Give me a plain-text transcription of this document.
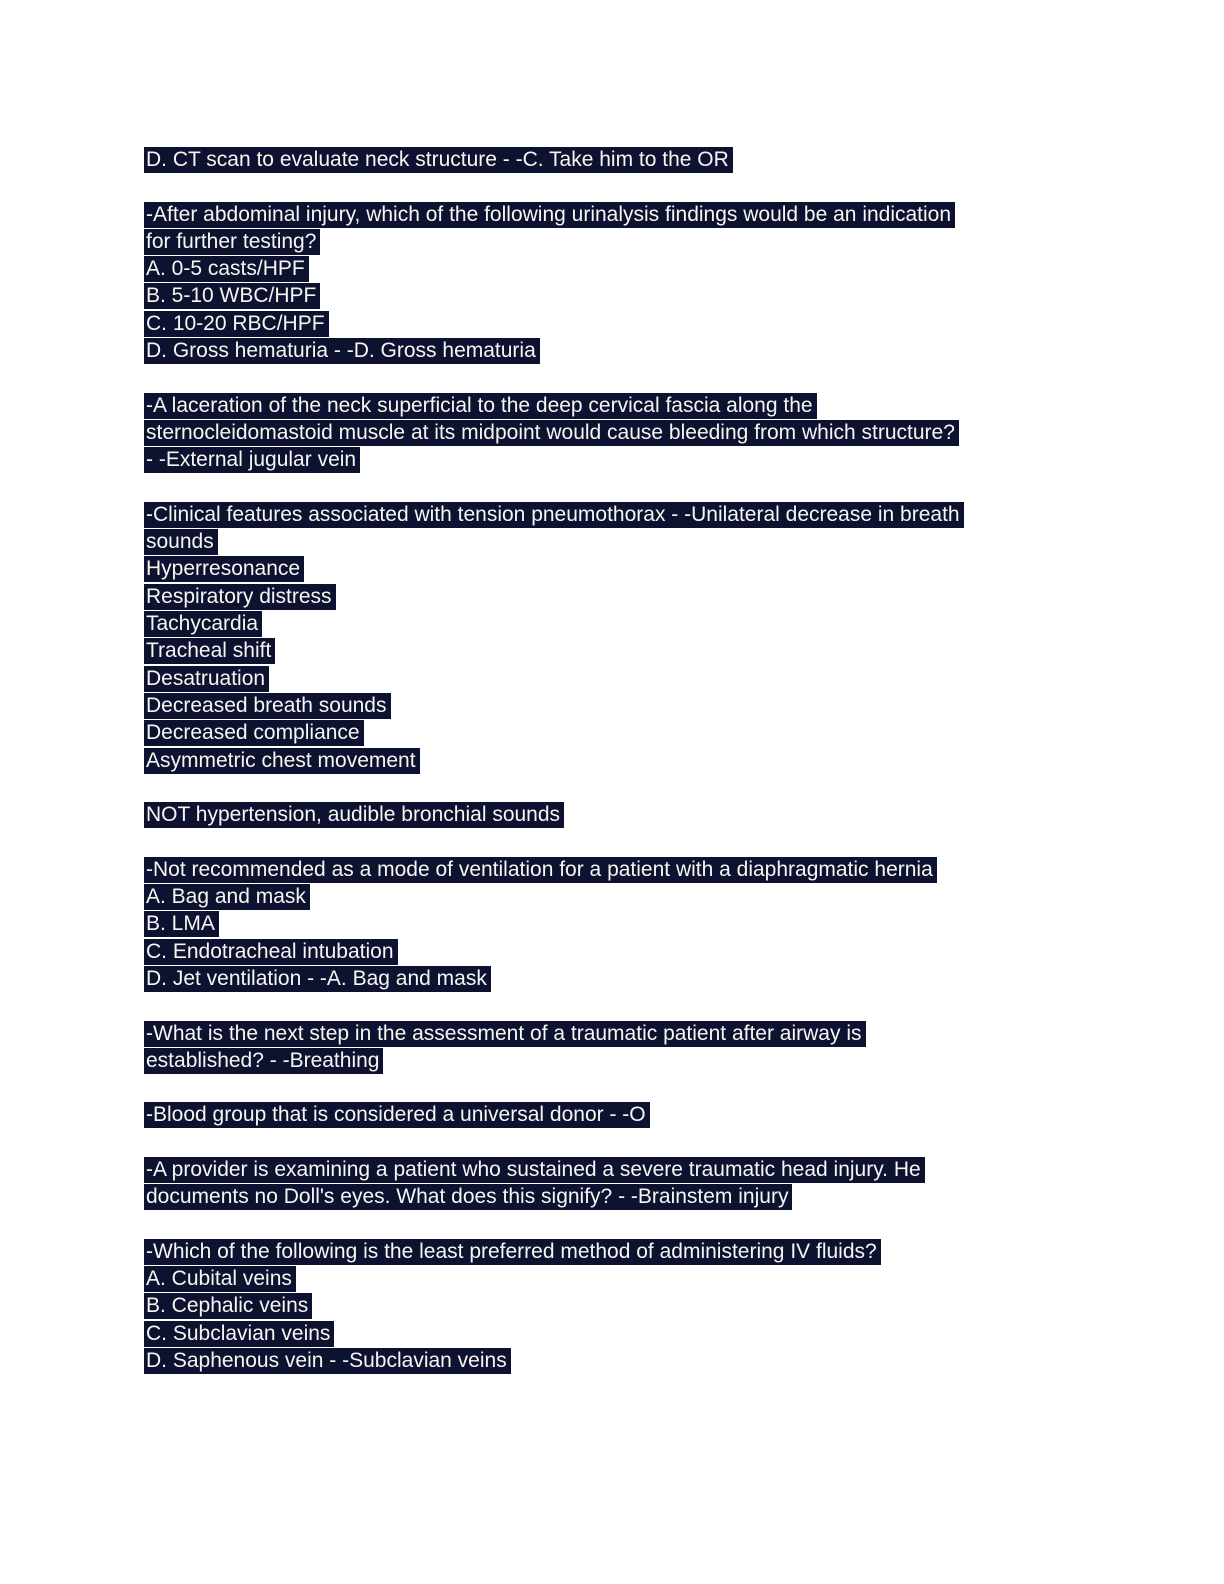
D. CT scan to evaluate neck structure - -C. Take him to the OR
-After abdominal injury, which of the following urinalysis findings would be an indication
for further testing?
A. 0-5 casts/HPF
B. 5-10 WBC/HPF
C. 10-20 RBC/HPF
D. Gross hematuria - -D. Gross hematuria
-A laceration of the neck superficial to the deep cervical fascia along the
sternocleidomastoid muscle at its midpoint would cause bleeding from which structure?
- -External jugular vein
-Clinical features associated with tension pneumothorax - -Unilateral decrease in breath
sounds
Hyperresonance
Respiratory distress
Tachycardia
Tracheal shift
Desatruation
Decreased breath sounds
Decreased compliance
Asymmetric chest movement
NOT hypertension, audible bronchial sounds
-Not recommended as a mode of ventilation for a patient with a diaphragmatic hernia
A. Bag and mask
B. LMA
C. Endotracheal intubation
D. Jet ventilation - -A. Bag and mask
-What is the next step in the assessment of a traumatic patient after airway is
established? - -Breathing
-Blood group that is considered a universal donor - -O
-A provider is examining a patient who sustained a severe traumatic head injury. He
documents no Doll's eyes. What does this signify? - -Brainstem injury
-Which of the following is the least preferred method of administering IV fluids?
A. Cubital veins
B. Cephalic veins
C. Subclavian veins
D. Saphenous vein - -Subclavian veins
